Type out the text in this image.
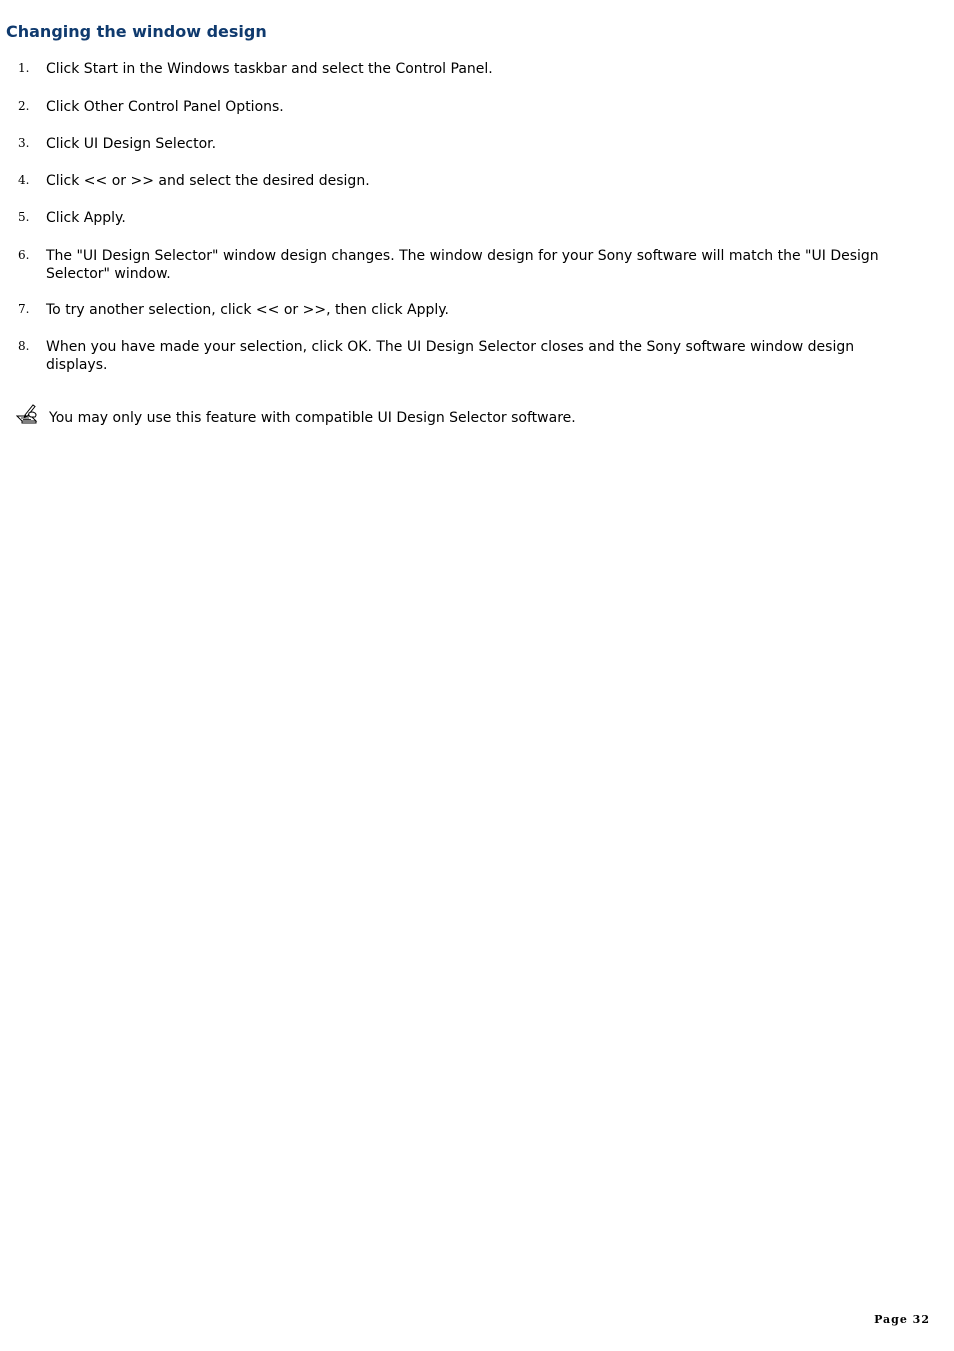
Changing the window design
1. Click Start in the Windows taskbar and select the Control Panel.
2. Click Other Control Panel Options.
3. Click UI Design Selector.
4. Click << or >> and select the desired design.
5. Click Apply.
6. The "UI Design Selector" window design changes. The window design for your Sony software will match the "UI Design Selector" window.
7. To try another selection, click << or >>, then click Apply.
8. When you have made your selection, click OK. The UI Design Selector closes and the Sony software window design displays.
You may only use this feature with compatible UI Design Selector software.
Page 32
